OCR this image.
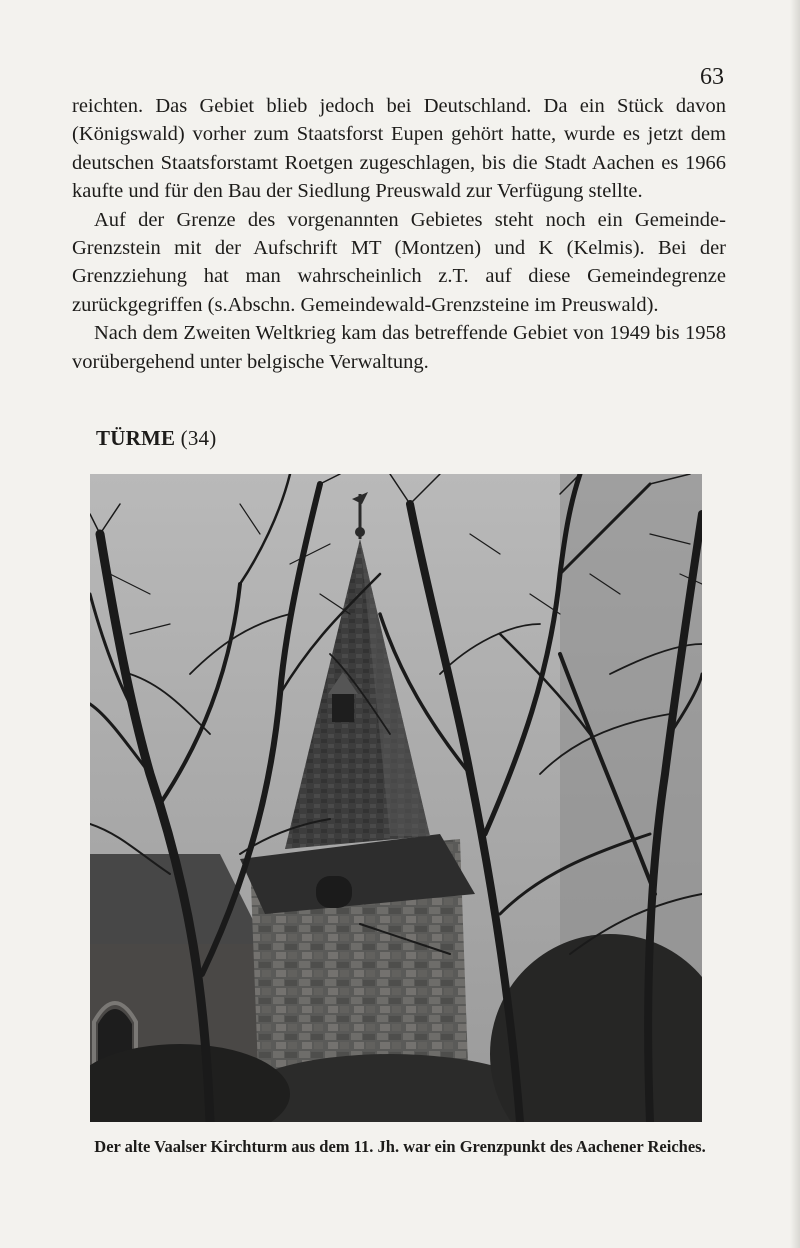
63

reichten. Das Gebiet blieb jedoch bei Deutschland. Da ein Stück davon (Königswald) vorher zum Staatsforst Eupen gehört hatte, wurde es jetzt dem deutschen Staatsforstamt Roetgen zugeschlagen, bis die Stadt Aachen es 1966 kaufte und für den Bau der Siedlung Preuswald zur Verfügung stellte.

Auf der Grenze des vorgenannten Gebietes steht noch ein Gemeinde-Grenzstein mit der Aufschrift MT (Montzen) und K (Kelmis). Bei der Grenzziehung hat man wahrscheinlich z.T. auf diese Gemeindegrenze zurückgegriffen (s.Abschn. Gemeindewald-Grenzsteine im Preuswald).

Nach dem Zweiten Weltkrieg kam das betreffende Gebiet von 1949 bis 1958 vorübergehend unter belgische Verwaltung.

TÜRME (34)
Der alte Vaalser Kirchturm aus dem 11. Jh. war ein Grenzpunkt des Aachener Reiches.
